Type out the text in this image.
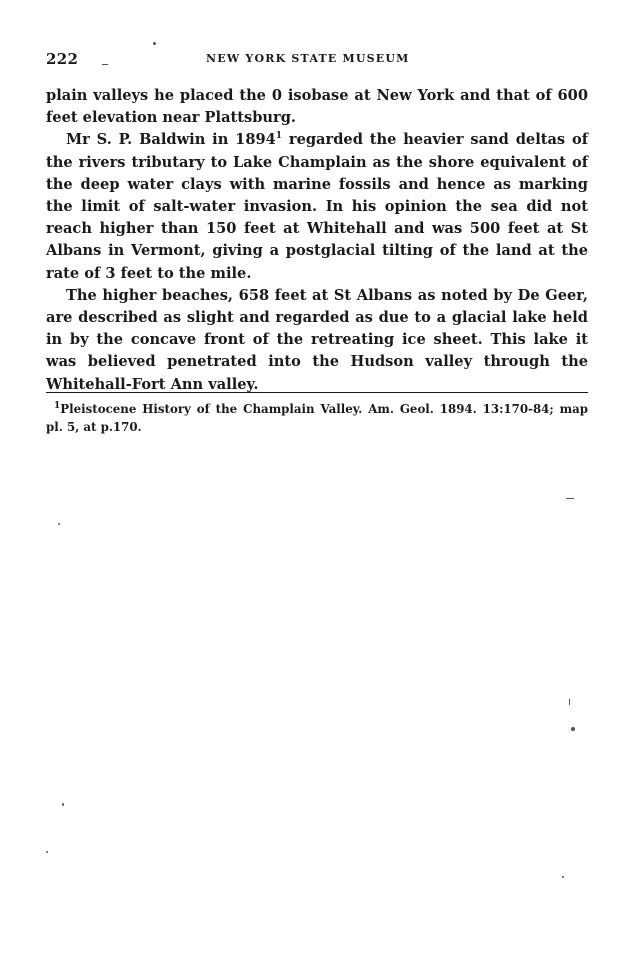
222	NEW YORK STATE MUSEUM

plain valleys he placed the 0 isobase at New York and that of 600 feet elevation near Plattsburg.

Mr S. P. Baldwin in 1894$^1$ regarded the heavier sand deltas of the rivers tributary to Lake Champlain as the shore equivalent of the deep water clays with marine fossils and hence as marking the limit of salt-water invasion. In his opinion the sea did not reach higher than 150 feet at Whitehall and was 500 feet at St Albans in Vermont, giving a postglacial tilting of the land at the rate of 3 feet to the mile.

The higher beaches, 658 feet at St Albans as noted by De Geer, are described as slight and regarded as due to a glacial lake held in by the concave front of the retreating ice sheet. This lake it was believed penetrated into the Hudson valley through the Whitehall-Fort Ann valley.

$^1$Pleistocene History of the Champlain Valley. Am. Geol. 1894. 13:170-84; map pl. 5, at p.170.
